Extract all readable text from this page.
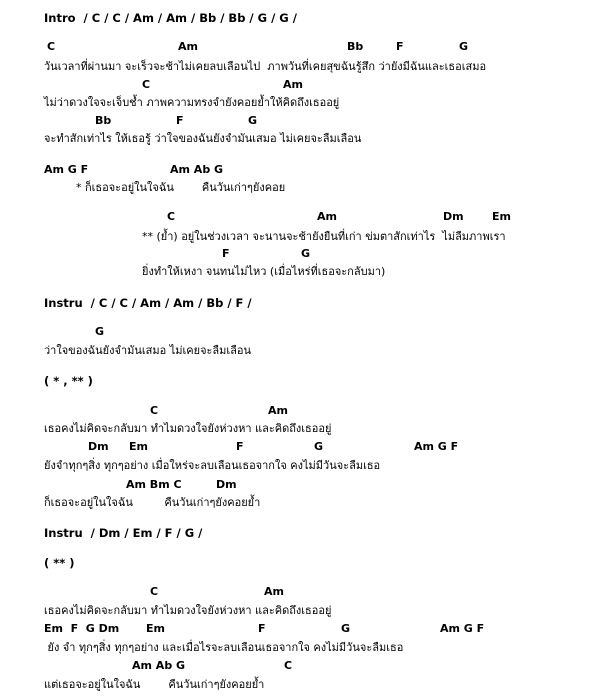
Intro  / C / C / Am / Am / Bb / Bb / G / G /
C	Am	Bb	F	G
วันเวลาที่ผ่านมา จะเร็วจะช้าไม่เคยลบเลือนไป  ภาพวันที่เคยสุขฉันรู้สึก ว่ายังมีฉันและเธอเสมอ
C	Am
ไม่ว่าดวงใจจะเจ็บช้ำ ภาพความทรงจำยังคอยย้ำให้คิดถึงเธออยู่
Bb	F	G
จะทำสักเท่าไร ให้เธอรู้ ว่าใจของฉันยังจำมันเสมอ ไม่เคยจะลืมเลือน
Am G F	Am Ab G
* ก็เธอจะอยู่ในใจฉัน        คืนวันเก่าๆยังคอย
C	Am	Dm	Em
** (ย้ำ) อยู่ในช่วงเวลา จะนานจะช้ายังยืนที่เก่า ข่มตาสักเท่าไร  ไม่ลืมภาพเรา
F	G
ยิ่งทำให้เหงา จนทนไม่ไหว (เมื่อไหร่ที่เธอจะกลับมา)
Instru  / C / C / Am / Am / Bb / F /
G
ว่าใจของฉันยังจำมันเสมอ ไม่เคยจะลืมเลือน
( * , ** )
C	Am
เธอคงไม่คิดจะกลับมา ทำไมดวงใจยังห่วงหา และคิดถึงเธออยู่
Dm Em	F	G	Am G F
ยังจำทุกๆสิ่ง ทุกๆอย่าง เมื่อใหร่จะลบเลือนเธอจากใจ คงไม่มีวันจะลืมเธอ
Am Bm C	Dm
ก็เธอจะอยู่ในใจฉัน         คืนวันเก่าๆยังคอยย้ำ
Instru  / Dm / Em / F / G /
( ** )
C	Am
เธอคงไม่คิดจะกลับมา ทำไมดวงใจยังห่วงหา และคิดถึงเธออยู่
Em  F  G Dm Em	F	G	Am G F
ยัง จำ ทุกๆสิ่ง ทุกๆอย่าง และเมื่อไรจะลบเลือนเธอจากใจ คงไม่มีวันจะลืมเธอ
Am Ab G	C
แต่เธอจะอยู่ในใจฉัน        คืนวันเก่าๆยังคอยย้ำ
